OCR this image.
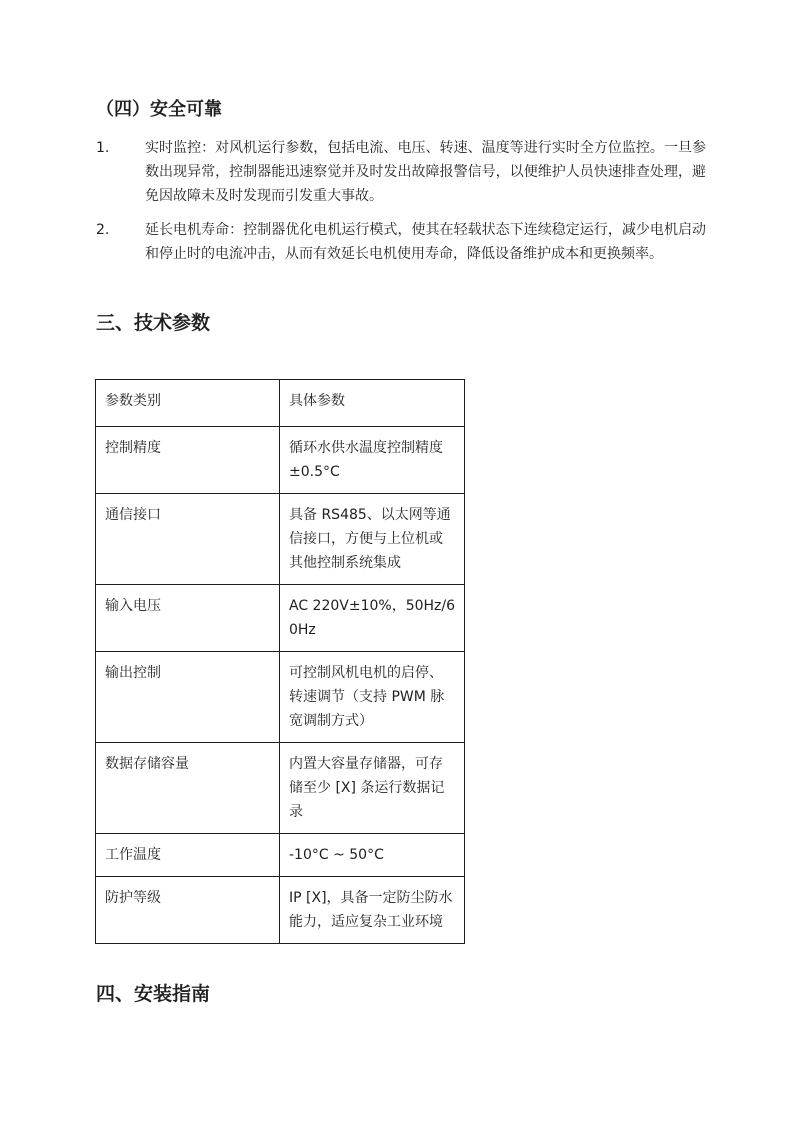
（四）安全可靠
1.	实时监控：对风机运行参数，包括电流、电压、转速、温度等进行实时全方位监控。一旦参数出现异常，控制器能迅速察觉并及时发出故障报警信号，以便维护人员快速排查处理，避免因故障未及时发现而引发重大事故。
2.	延长电机寿命：控制器优化电机运行模式，使其在轻载状态下连续稳定运行，减少电机启动和停止时的电流冲击，从而有效延长电机使用寿命，降低设备维护成本和更换频率。
三、技术参数
参数类别	具体参数
控制精度	循环水供水温度控制精度±0.5°C
通信接口	具备 RS485、以太网等通信接口，方便与上位机或其他控制系统集成
输入电压	AC 220V±10%，50Hz/60Hz
输出控制	可控制风机电机的启停、转速调节（支持 PWM 脉宽调制方式）
数据存储容量	内置大容量存储器，可存储至少 [X] 条运行数据记录
工作温度	-10°C ~ 50°C
防护等级	IP [X]，具备一定防尘防水能力，适应复杂工业环境
四、安装指南
